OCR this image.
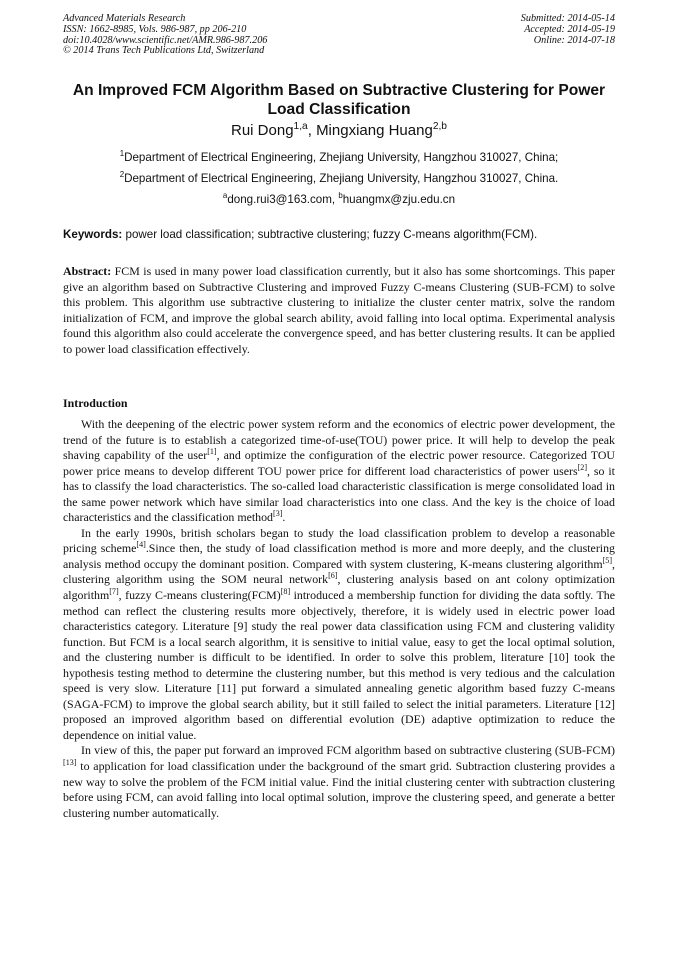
Advanced Materials Research
ISSN: 1662-8985, Vols. 986-987, pp 206-210
doi:10.4028/www.scientific.net/AMR.986-987.206
© 2014 Trans Tech Publications Ltd, Switzerland
Submitted: 2014-05-14
Accepted: 2014-05-19
Online: 2014-07-18
An Improved FCM Algorithm Based on Subtractive Clustering for Power Load Classification
Rui Dong$^{1,a}$, Mingxiang Huang$^{2,b}$
$^1$Department of Electrical Engineering, Zhejiang University, Hangzhou 310027, China;
$^2$Department of Electrical Engineering, Zhejiang University, Hangzhou 310027, China.
$^a$dong.rui3@163.com, $^b$huangmx@zju.edu.cn
Keywords: power load classification; subtractive clustering; fuzzy C-means algorithm(FCM).
Abstract: FCM is used in many power load classification currently, but it also has some shortcomings. This paper give an algorithm based on Subtractive Clustering and improved Fuzzy C-means Clustering (SUB-FCM) to solve this problem. This algorithm use subtractive clustering to initialize the cluster center matrix, solve the random initialization of FCM, and improve the global search ability, avoid falling into local optima. Experimental analysis found this algorithm also could accelerate the convergence speed, and has better clustering results. It can be applied to power load classification effectively.
Introduction

With the deepening of the electric power system reform and the economics of electric power development, the trend of the future is to establish a categorized time-of-use(TOU) power price. It will help to develop the peak shaving capability of the user[1], and optimize the configuration of the electric power resource. Categorized TOU power price means to develop different TOU power price for different load characteristics of power users[2], so it has to classify the load characteristics. The so-called load characteristic classification is merge consolidated load in the same power network which have similar load characteristics into one class. And the key is the choice of load characteristics and the classification method[3].

In the early 1990s, british scholars began to study the load classification problem to develop a reasonable pricing scheme[4].Since then, the study of load classification method is more and more deeply, and the clustering analysis method occupy the dominant position. Compared with system clustering, K-means clustering algorithm[5], clustering algorithm using the SOM neural network[6], clustering analysis based on ant colony optimization algorithm[7], fuzzy C-means clustering(FCM)[8] introduced a membership function for dividing the data softly. The method can reflect the clustering results more objectively, therefore, it is widely used in electric power load characteristics category. Literature [9] study the real power data classification using FCM and clustering validity function. But FCM is a local search algorithm, it is sensitive to initial value, easy to get the local optimal solution, and the clustering number is difficult to be identified. In order to solve this problem, literature [10] took the hypothesis testing method to determine the clustering number, but this method is very tedious and the calculation speed is very slow. Literature [11] put forward a simulated annealing genetic algorithm based fuzzy C-means (SAGA-FCM) to improve the global search ability, but it still failed to select the initial parameters. Literature [12] proposed an improved algorithm based on differential evolution (DE) adaptive optimization to reduce the dependence on initial value.

In view of this, the paper put forward an improved FCM algorithm based on subtractive clustering (SUB-FCM)[13] to application for load classification under the background of the smart grid. Subtraction clustering provides a new way to solve the problem of the FCM initial value. Find the initial clustering center with subtraction clustering before using FCM, can avoid falling into local optimal solution, improve the clustering speed, and generate a better clustering number automatically.
